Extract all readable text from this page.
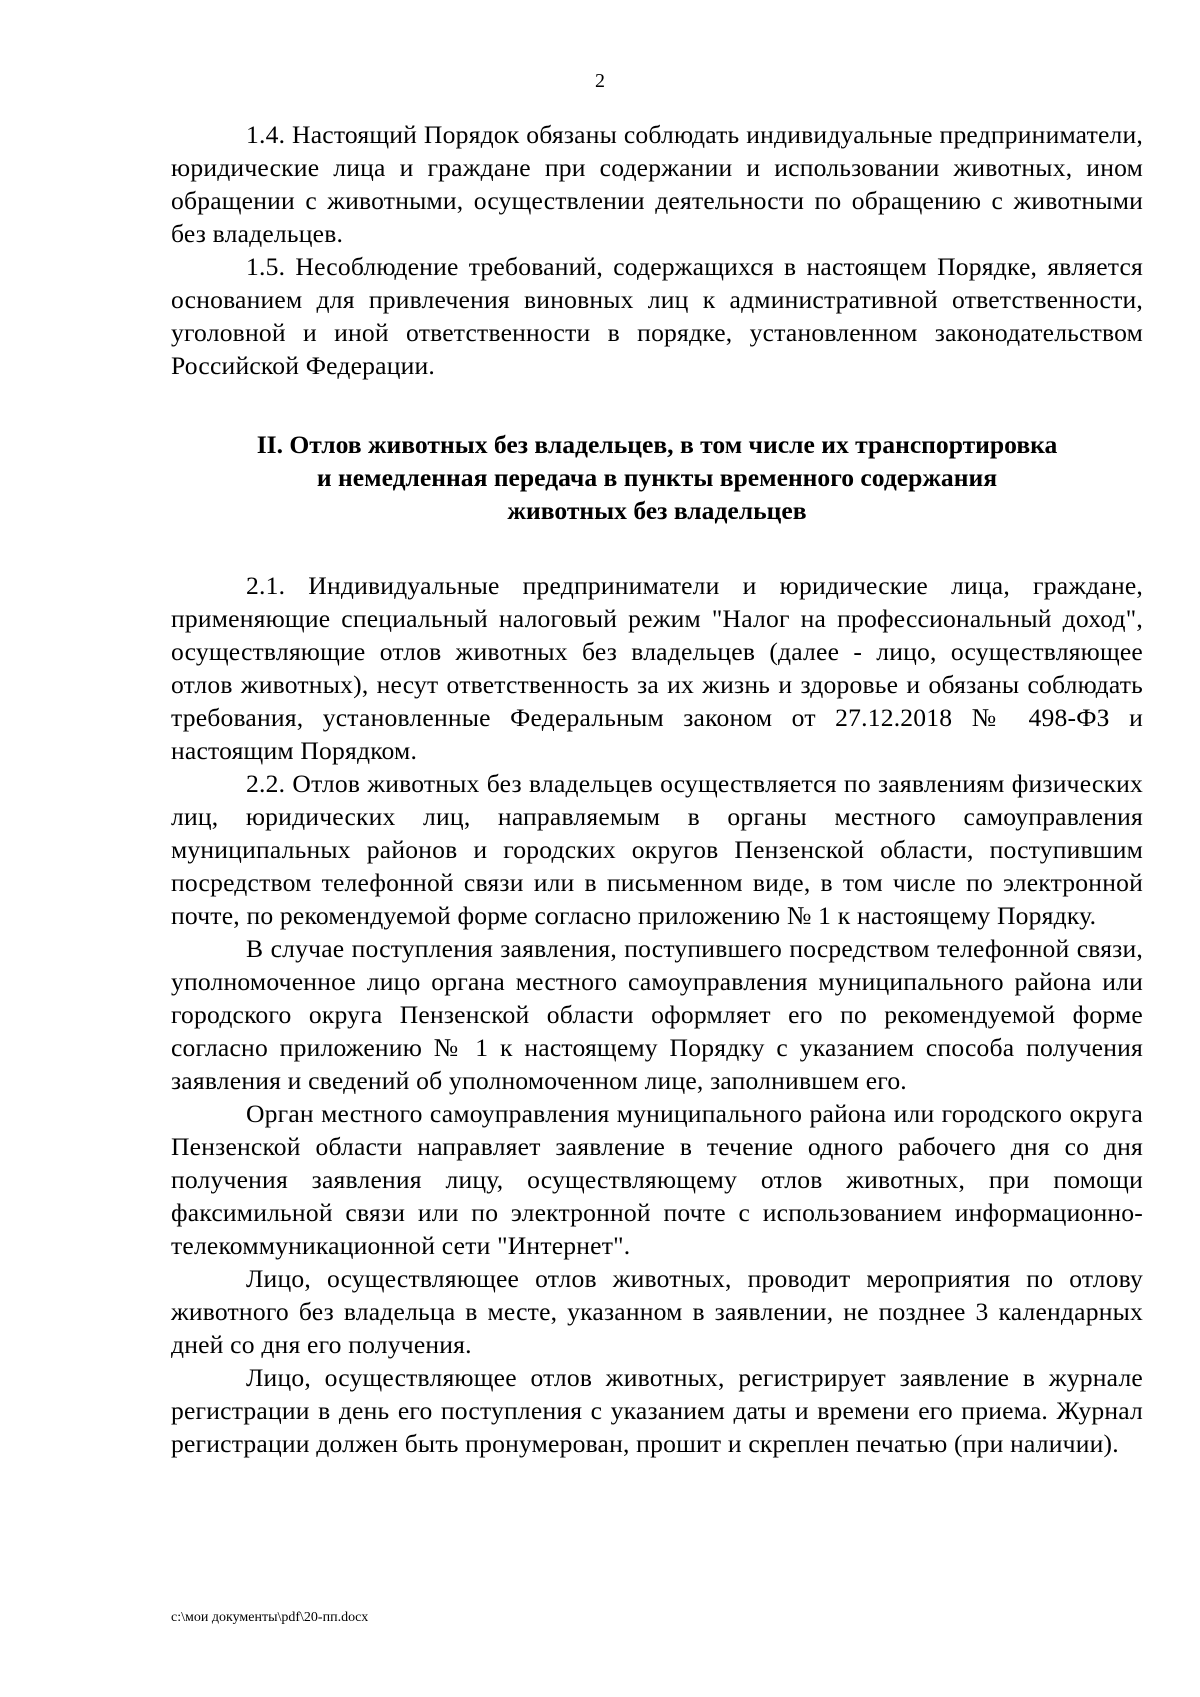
2

1.4. Настоящий Порядок обязаны соблюдать индивидуальные предприниматели, юридические лица и граждане при содержании и использовании животных, ином обращении с животными, осуществлении деятельности по обращению с животными без владельцев.

1.5. Несоблюдение требований, содержащихся в настоящем Порядке, является основанием для привлечения виновных лиц к административной ответственности, уголовной и иной ответственности в порядке, установленном законодательством Российской Федерации.

II. Отлов животных без владельцев, в том числе их транспортировка
и немедленная передача в пункты временного содержания
животных без владельцев

2.1. Индивидуальные предприниматели и юридические лица, граждане, применяющие специальный налоговый режим "Налог на профессиональный доход", осуществляющие отлов животных без владельцев (далее - лицо, осуществляющее отлов животных), несут ответственность за их жизнь и здоровье и обязаны соблюдать требования, установленные Федеральным законом от 27.12.2018 № 498-ФЗ и настоящим Порядком.

2.2. Отлов животных без владельцев осуществляется по заявлениям физических лиц, юридических лиц, направляемым в органы местного самоуправления муниципальных районов и городских округов Пензенской области, поступившим посредством телефонной связи или в письменном виде, в том числе по электронной почте, по рекомендуемой форме согласно приложению № 1 к настоящему Порядку.

В случае поступления заявления, поступившего посредством телефонной связи, уполномоченное лицо органа местного самоуправления муниципального района или городского округа Пензенской области оформляет его по рекомендуемой форме согласно приложению № 1 к настоящему Порядку с указанием способа получения заявления и сведений об уполномоченном лице, заполнившем его.

Орган местного самоуправления муниципального района или городского округа Пензенской области направляет заявление в течение одного рабочего дня со дня получения заявления лицу, осуществляющему отлов животных, при помощи факсимильной связи или по электронной почте с использованием информационно-телекоммуникационной сети "Интернет".

Лицо, осуществляющее отлов животных, проводит мероприятия по отлову животного без владельца в месте, указанном в заявлении, не позднее 3 календарных дней со дня его получения.

Лицо, осуществляющее отлов животных, регистрирует заявление в журнале регистрации в день его поступления с указанием даты и времени его приема. Журнал регистрации должен быть пронумерован, прошит и скреплен печатью (при наличии).

c:\мои документы\pdf\20-пп.docx
